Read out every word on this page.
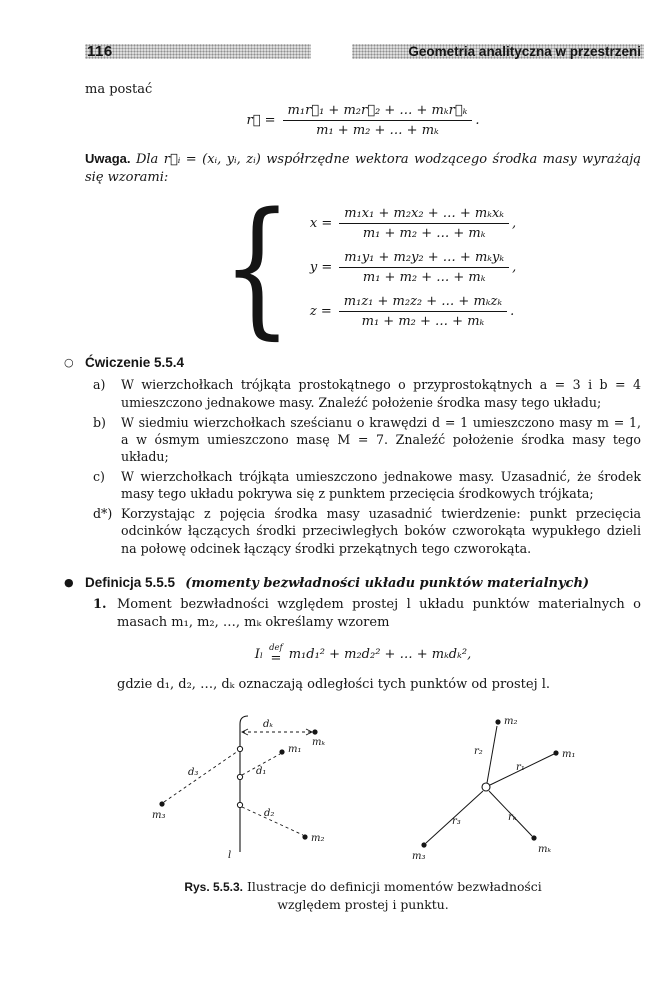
116	Geometria analityczna w przestrzeni

ma postać

r⃗ = $\frac{\text{m₁r⃗₁ + m₂r⃗₂ + … + mₖr⃗ₖ}}{\text{m₁ + m₂ + … + mₖ}}$ .

Uwaga. Dla r⃗ᵢ = (xᵢ, yᵢ, zᵢ) współrzędne wektora wodzącego środka masy wyrażają się wzorami:

{ $x = \frac{\text{m₁x₁ + m₂x₂ + … + mₖxₖ}}{\text{m₁ + m₂ + … + mₖ}}$ ,
$y = \frac{\text{m₁y₁ + m₂y₂ + … + mₖyₖ}}{\text{m₁ + m₂ + … + mₖ}}$ ,
$z = \frac{\text{m₁z₁ + m₂z₂ + … + mₖzₖ}}{\text{m₁ + m₂ + … + mₖ}}$ .
○ Ćwiczenie 5.5.4
a)	W wierzchołkach trójkąta prostokątnego o przyprostokątnych a = 3 i b = 4 umieszczono jednakowe masy. Znaleźć położenie środka masy tego układu;
b)	W siedmiu wierzchołkach sześcianu o krawędzi d = 1 umieszczono masy m = 1, a w ósmym umieszczono masę M = 7. Znaleźć położenie środka masy tego układu;
c)	W wierzchołkach trójkąta umieszczono jednakowe masy. Uzasadnić, że środek masy tego układu pokrywa się z punktem przecięcia środkowych trójkata;
d*) Korzystając z pojęcia środka masy uzasadnić twierdzenie: punkt przecięcia odcinków łączących środki przeciwległych boków czworokąta wypukłego dzieli na połowę odcinek łączący środki przekątnych tego czworokąta.
● Definicja 5.5.5 (momenty bezwładności układu punktów materialnych)
1. Moment bezwładności względem prostej l układu punktów materialnych o masach m₁, m₂, …, mₖ określamy wzorem
Iₗ def
= m₁d₁² + m₂d₂² + … + mₖdₖ²,

gdzie d₁, d₂, …, dₖ oznaczają odległości tych punktów od prostej l.

dₖ
mₖ
m₁
d₁
m₃
d₃
d₂
m₂
l
m₂
r₂	m₁
r₁
m₃
r₃
mₖ
rₖ
Rys. 5.5.3. Ilustracje do definicji momentów bezwładności względem prostej i punktu.
